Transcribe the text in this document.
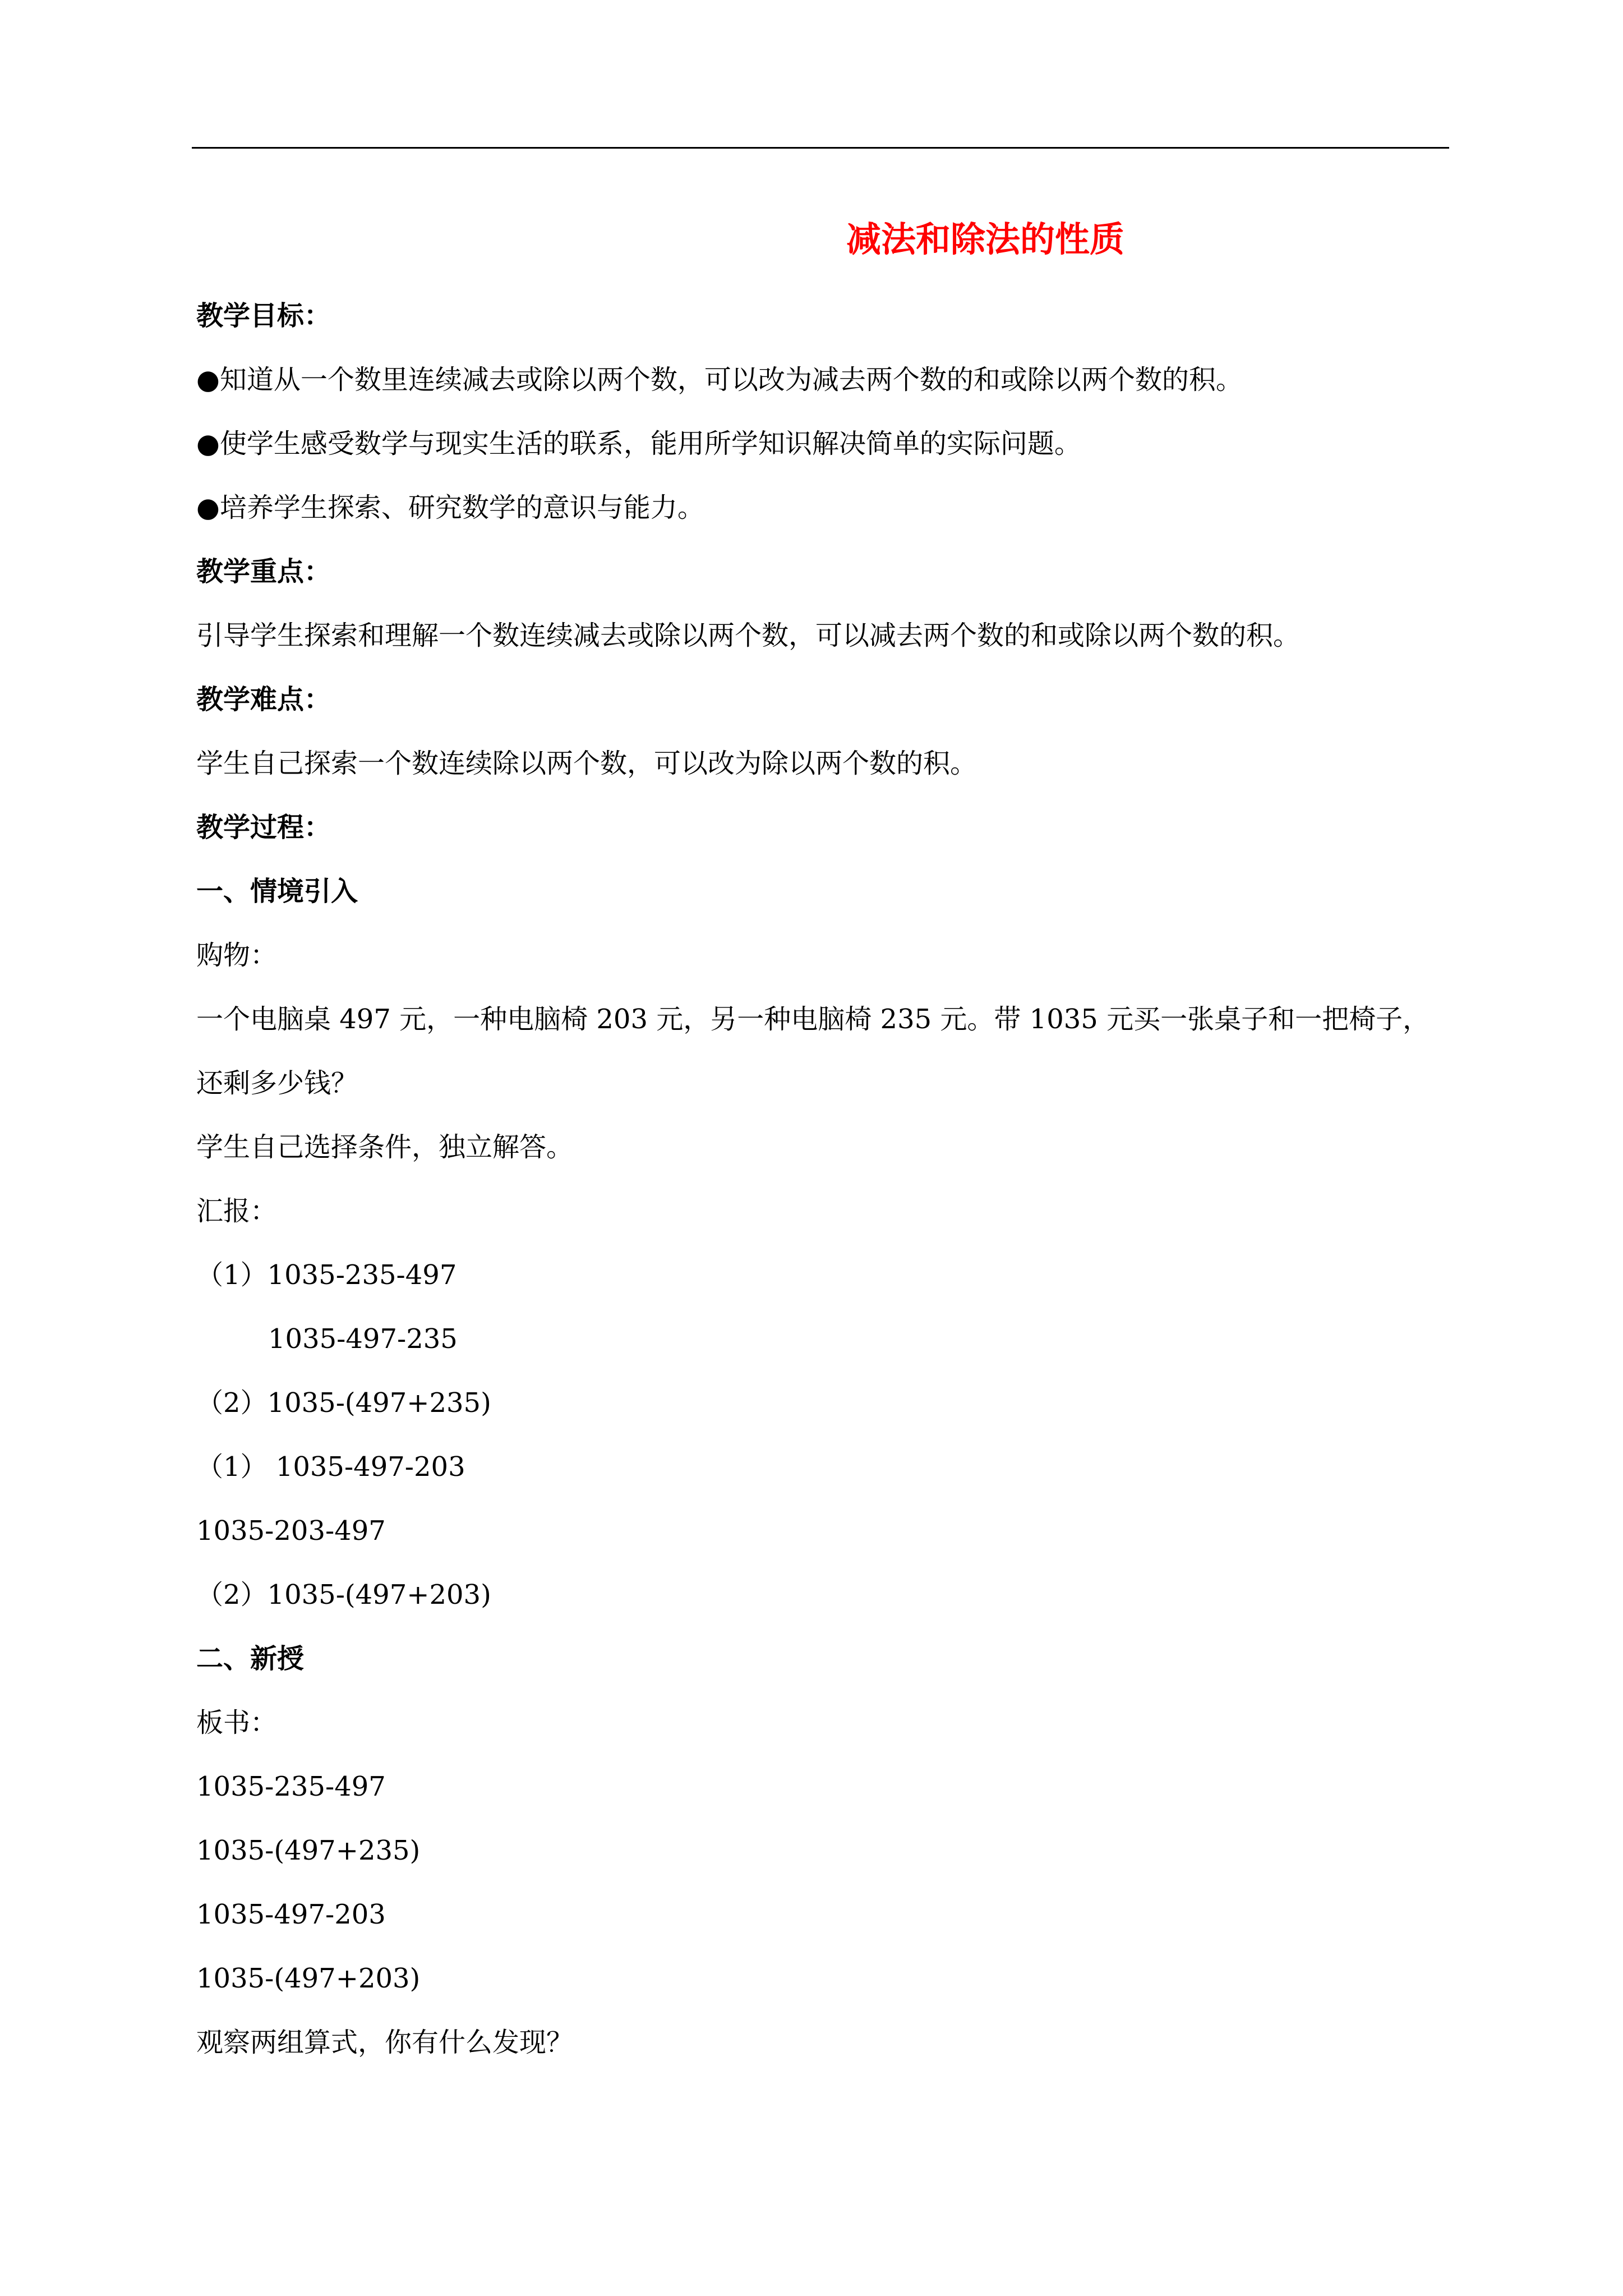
减法和除法的性质
教学目标：
●知道从一个数里连续减去或除以两个数，可以改为减去两个数的和或除以两个数的积。
●使学生感受数学与现实生活的联系，能用所学知识解决简单的实际问题。
●培养学生探索、研究数学的意识与能力。
教学重点：
引导学生探索和理解一个数连续减去或除以两个数，可以减去两个数的和或除以两个数的积。
教学难点：
学生自己探索一个数连续除以两个数，可以改为除以两个数的积。
教学过程：
一、情境引入
购物：
一个电脑桌 497 元，一种电脑椅 203 元，另一种电脑椅 235 元。带 1035 元买一张桌子和一把椅子，
还剩多少钱？
学生自己选择条件，独立解答。
汇报：
（1）1035-235-497
1035-497-235
（2）1035-(497+235)
（1） 1035-497-203
1035-203-497
（2）1035-(497+203)
二、新授
板书：
1035-235-497
1035-(497+235)
1035-497-203
1035-(497+203)
观察两组算式，你有什么发现？
